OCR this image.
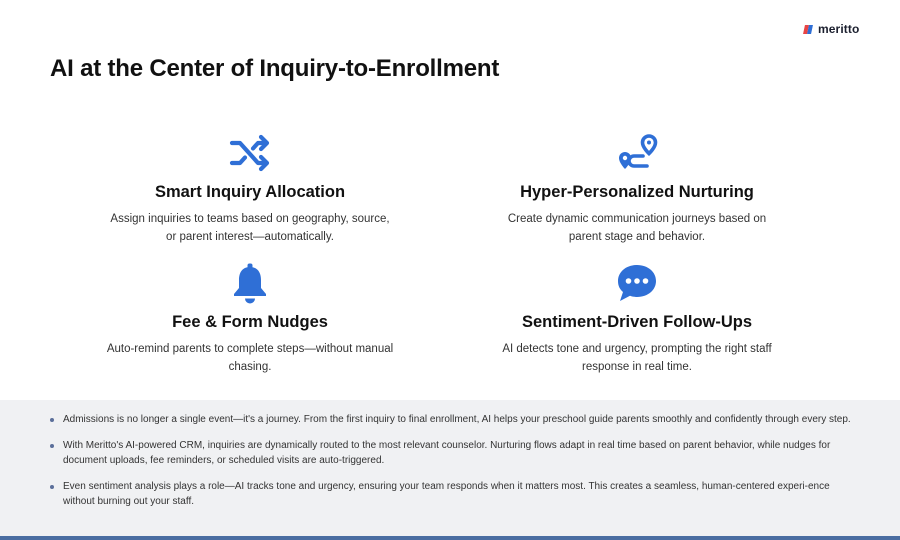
meritto
AI at the Center of Inquiry-to-Enrollment
Smart Inquiry Allocation

Assign inquiries to teams based on geography, source, or parent interest—automatically.

Hyper-Personalized Nurturing

Create dynamic communication journeys based on parent stage and behavior.

Fee & Form Nudges

Auto-remind parents to complete steps—without manual chasing.

Sentiment-Driven Follow-Ups

AI detects tone and urgency, prompting the right staff response in real time.

Admissions is no longer a single event—it's a journey. From the first inquiry to final enrollment, AI helps your preschool guide parents smoothly and confidently through every step.
With Meritto's AI-powered CRM, inquiries are dynamically routed to the most relevant counselor. Nurturing flows adapt in real time based on parent behavior, while nudges for document uploads, fee reminders, or scheduled visits are auto-triggered.
Even sentiment analysis plays a role—AI tracks tone and urgency, ensuring your team responds when it matters most. This creates a seamless, human-centered experi-ence without burning out your staff.
